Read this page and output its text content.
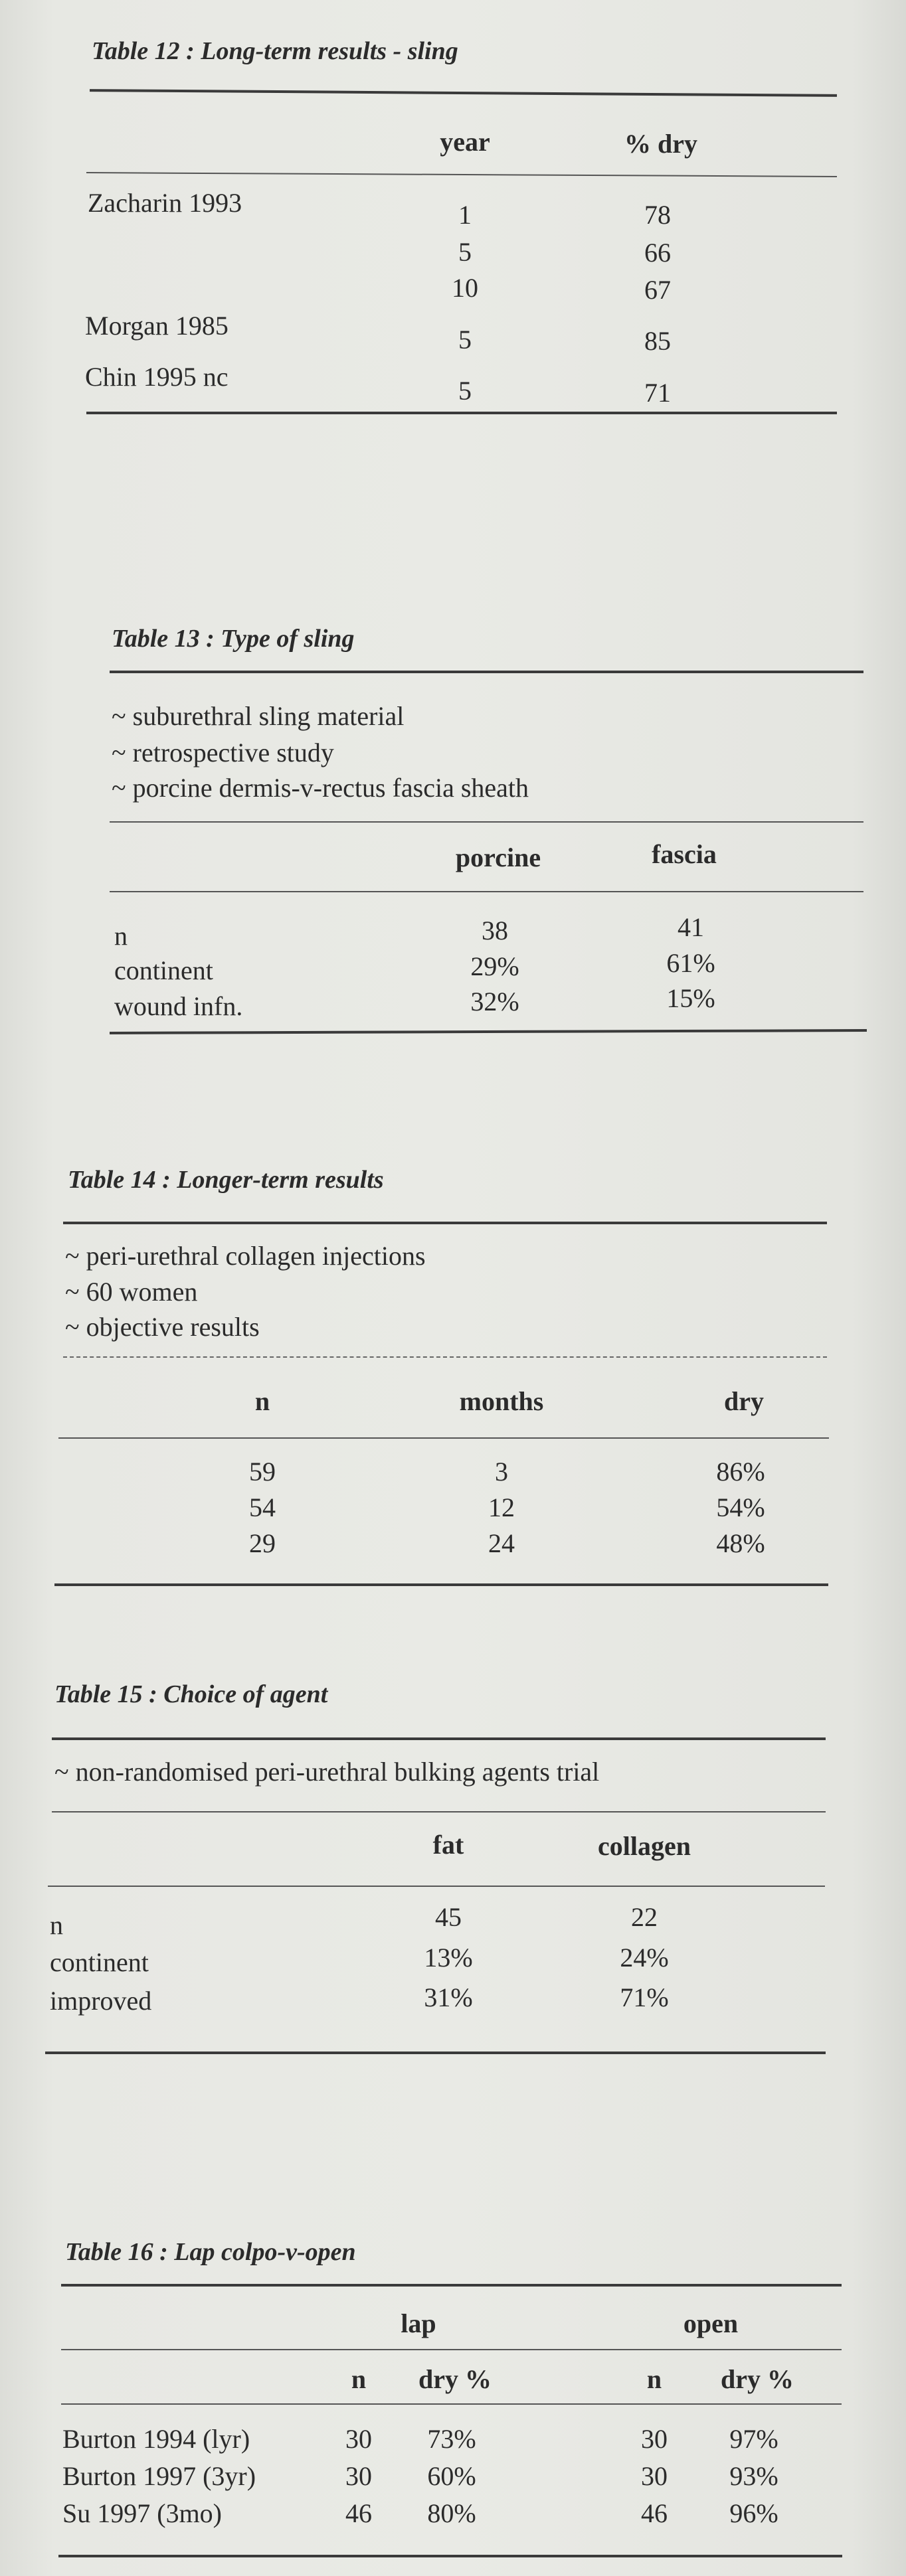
Table 12 : Long-term results - sling
year	% dry
Zacharin 1993	1	78
5	66
10	67
Morgan 1985	5	85
Chin 1995 nc	5	71
Table 13 : Type of sling
~ suburethral sling material
~ retrospective study
~ porcine dermis-v-rectus fascia sheath
porcine	fascia
n	38	41
continent	29%	61%
wound infn.	32%	15%
Table 14 : Longer-term results
~ peri-urethral collagen injections
~ 60 women
~ objective results
n	months	dry
59	3	86%
54	12	54%
29	24	48%
Table 15 : Choice of agent
~ non-randomised peri-urethral bulking agents trial
fat	collagen
n	45	22
continent	13%	24%
improved	31%	71%
Table 16 : Lap colpo-v-open
lap	open
n	dry %	n	dry %
Burton 1994 (lyr)	30	73%	30	97%
Burton 1997 (3yr)	30	60%	30	93%
Su 1997 (3mo)	46	80%	46	96%
